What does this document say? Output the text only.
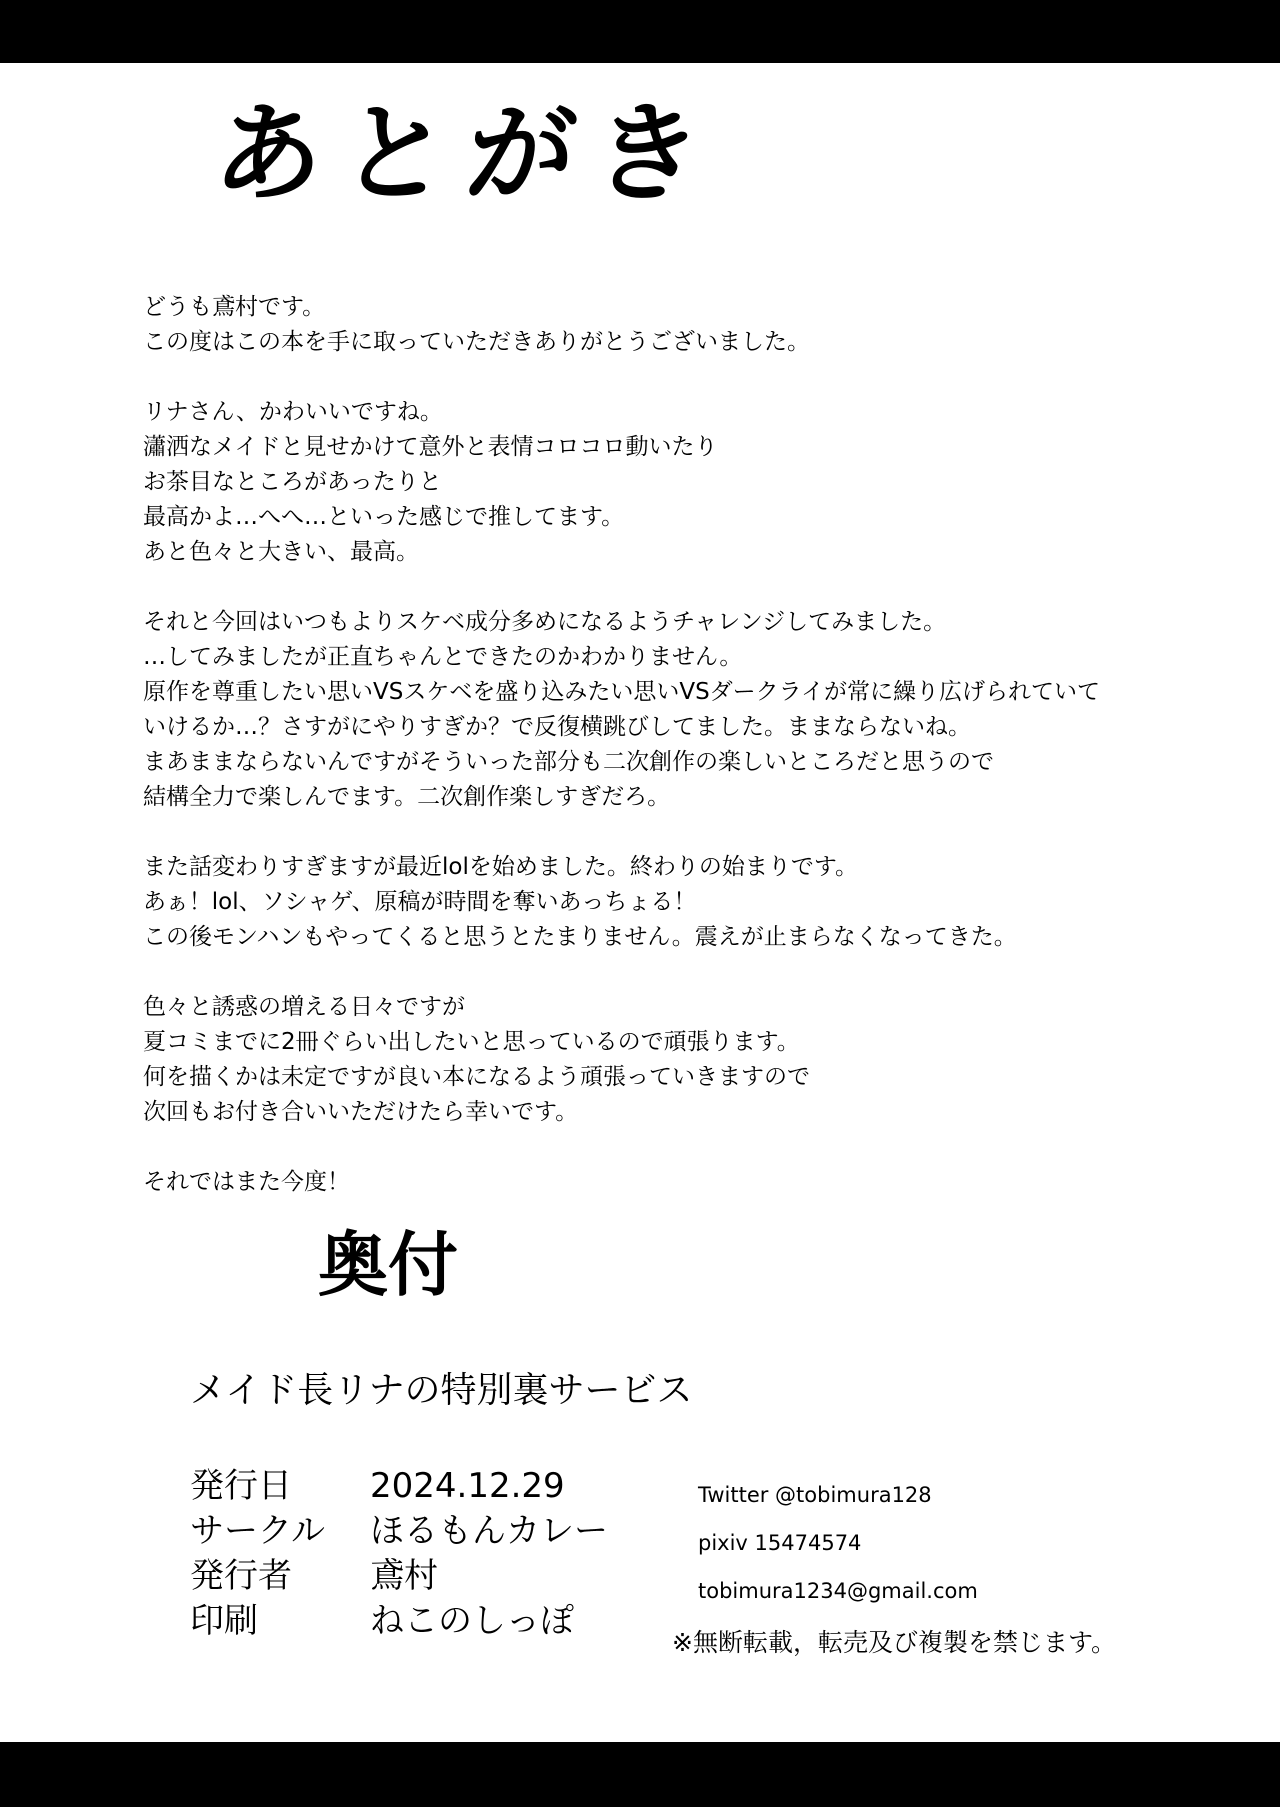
あとがき
どうも鳶村です。
この度はこの本を手に取っていただきありがとうございました。
リナさん、かわいいですね。
瀟洒なメイドと見せかけて意外と表情コロコロ動いたり
お茶目なところがあったりと
最高かよ…へへ…といった感じで推してます。
あと色々と大きい、最高。
それと今回はいつもよりスケベ成分多めになるようチャレンジしてみました。
…してみましたが正直ちゃんとできたのかわかりません。
原作を尊重したい思いVSスケベを盛り込みたい思いVSダークライが常に繰り広げられていて
いけるか…？さすがにやりすぎか？で反復横跳びしてました。ままならないね。
まあままならないんですがそういった部分も二次創作の楽しいところだと思うので
結構全力で楽しんでます。二次創作楽しすぎだろ。
また話変わりすぎますが最近lolを始めました。終わりの始まりです。
あぁ！lol、ソシャゲ、原稿が時間を奪いあっちょる！
この後モンハンもやってくると思うとたまりません。震えが止まらなくなってきた。
色々と誘惑の増える日々ですが
夏コミまでに2冊ぐらい出したいと思っているので頑張ります。
何を描くかは未定ですが良い本になるよう頑張っていきますので
次回もお付き合いいただけたら幸いです。
それではまた今度！
奥付
メイド長リナの特別裏サービス
発行日	2024.12.29
サークル	ほるもんカレー
発行者	鳶村
印刷	ねこのしっぽ
Twitter @tobimura128
pixiv 15474574
tobimura1234@gmail.com
※無断転載，転売及び複製を禁じます。
